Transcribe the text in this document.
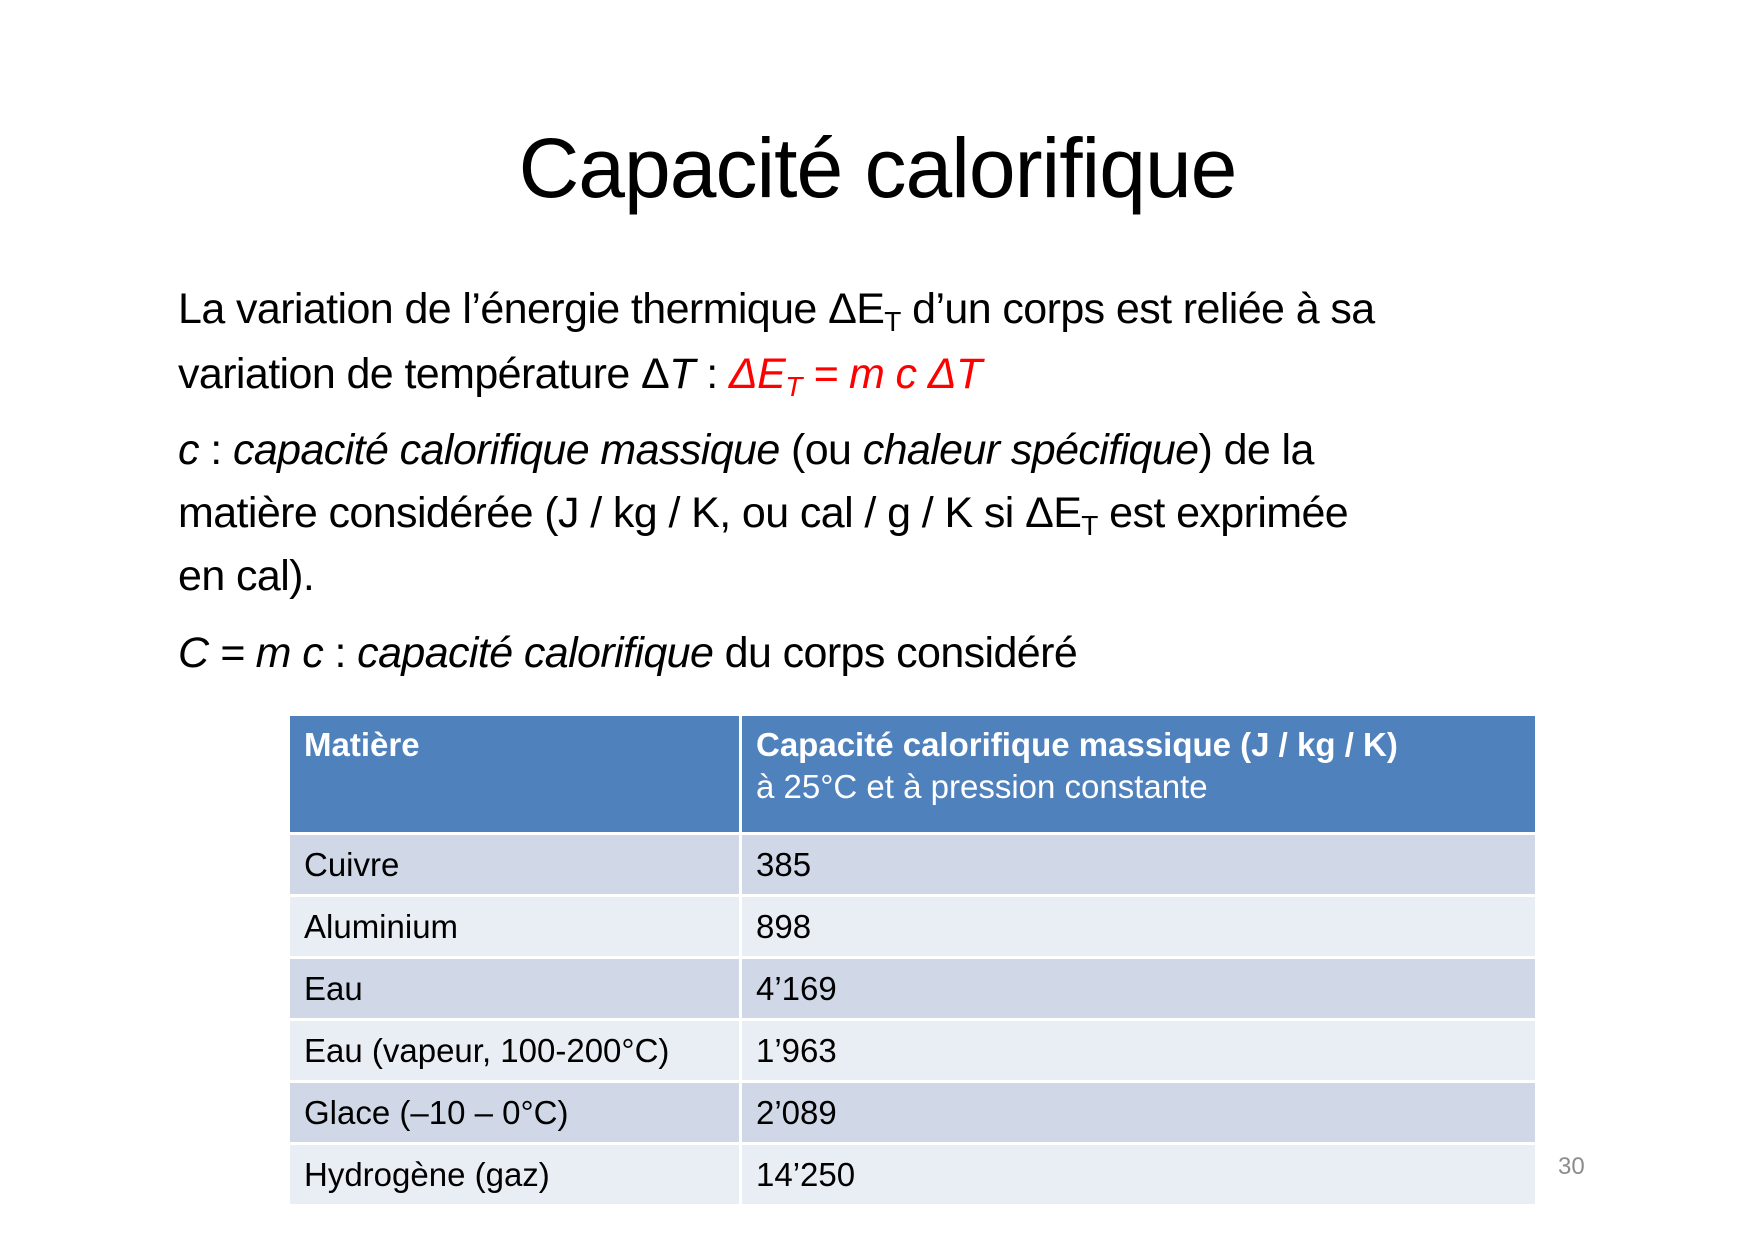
Capacité calorifique
La variation de l’énergie thermique $\Delta E_T$ d’un corps est reliée à sa
variation de température ΔT : $\Delta E_T = m$ c ΔT
c : capacité calorifique massique (ou chaleur spécifique) de la
matière considérée (J / kg / K, ou cal / g / K si $\Delta E_T$ est exprimée
en cal).
C = m c : capacité calorifique du corps considéré
Matière	Capacité calorifique massique (J / kg / K)
à 25°C et à pression constante

Cuivre	385
Aluminium	898
Eau	4’169
Eau (vapeur, 100-200°C)	1’963
Glace (–10 – 0°C)	2’089
Hydrogène (gaz)	14’250	30
